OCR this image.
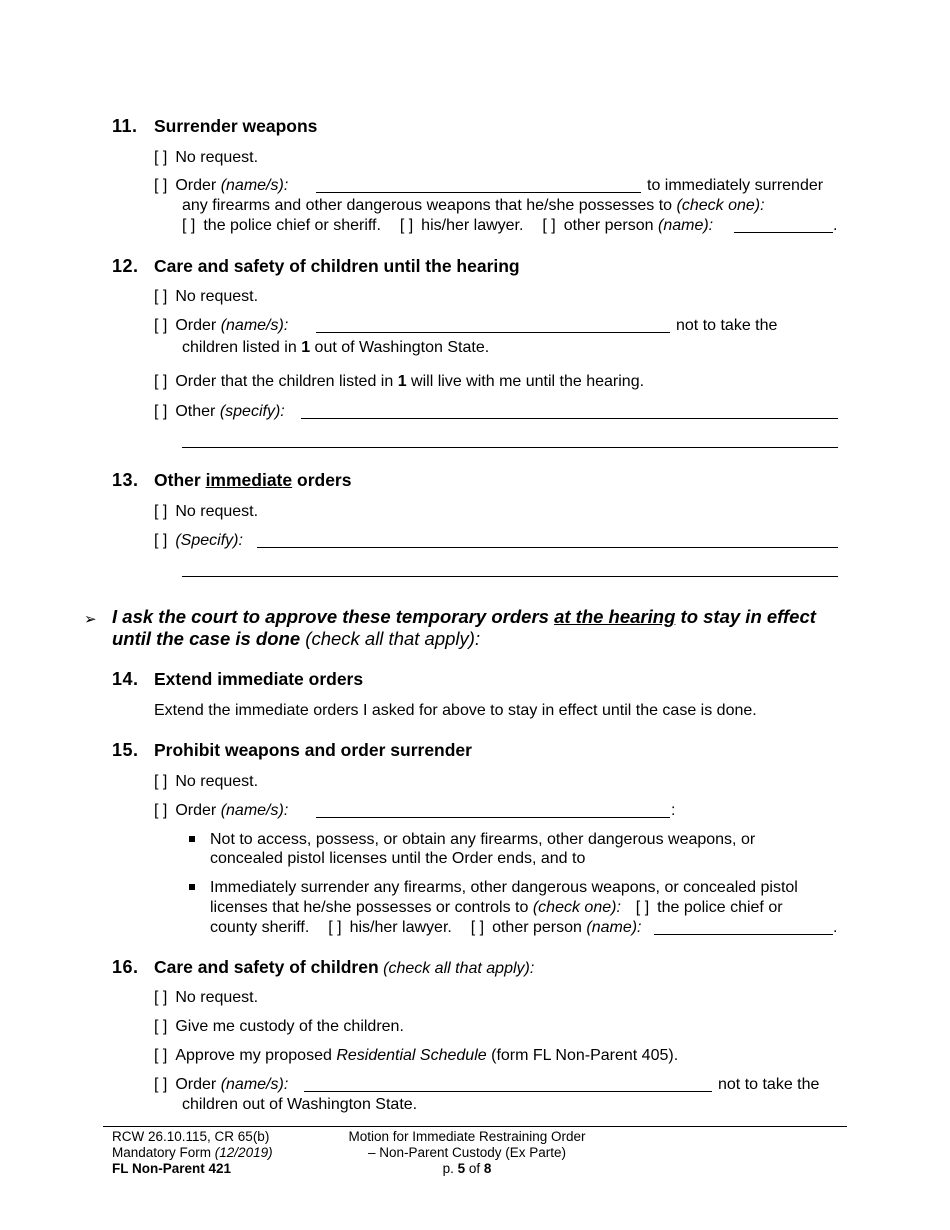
11. Surrender weapons
[ ] No request.
[ ] Order (name/s):	to immediately surrender
any firearms and other dangerous weapons that he/she possesses to (check one):
[ ] the police chief or sheriff. [ ] his/her lawyer. [ ] other person (name):	.
12. Care and safety of children until the hearing
[ ] No request.
[ ] Order (name/s):	not to take the
children listed in 1 out of Washington State.
[ ] Order that the children listed in 1 will live with me until the hearing.
[ ] Other (specify):
13. Other immediate orders
[ ] No request.
[ ] (Specify):
➢ I ask the court to approve these temporary orders at the hearing to stay in effect
until the case is done (check all that apply):
14. Extend immediate orders
Extend the immediate orders I asked for above to stay in effect until the case is done.
15. Prohibit weapons and order surrender
[ ] No request.
[ ] Order (name/s):	:
Not to access, possess, or obtain any firearms, other dangerous weapons, or
concealed pistol licenses until the Order ends, and to
Immediately surrender any firearms, other dangerous weapons, or concealed pistol
licenses that he/she possesses or controls to (check one): [ ] the police chief or
county sheriff. [ ] his/her lawyer. [ ] other person (name):	.
16. Care and safety of children (check all that apply):
[ ] No request.
[ ] Give me custody of the children.
[ ] Approve my proposed Residential Schedule (form FL Non-Parent 405).
[ ] Order (name/s):	not to take the
children out of Washington State.
RCW 26.10.115, CR 65(b)
Mandatory Form (12/2019)
FL Non-Parent 421
Motion for Immediate Restraining Order
– Non-Parent Custody (Ex Parte)
p. 5 of 8
